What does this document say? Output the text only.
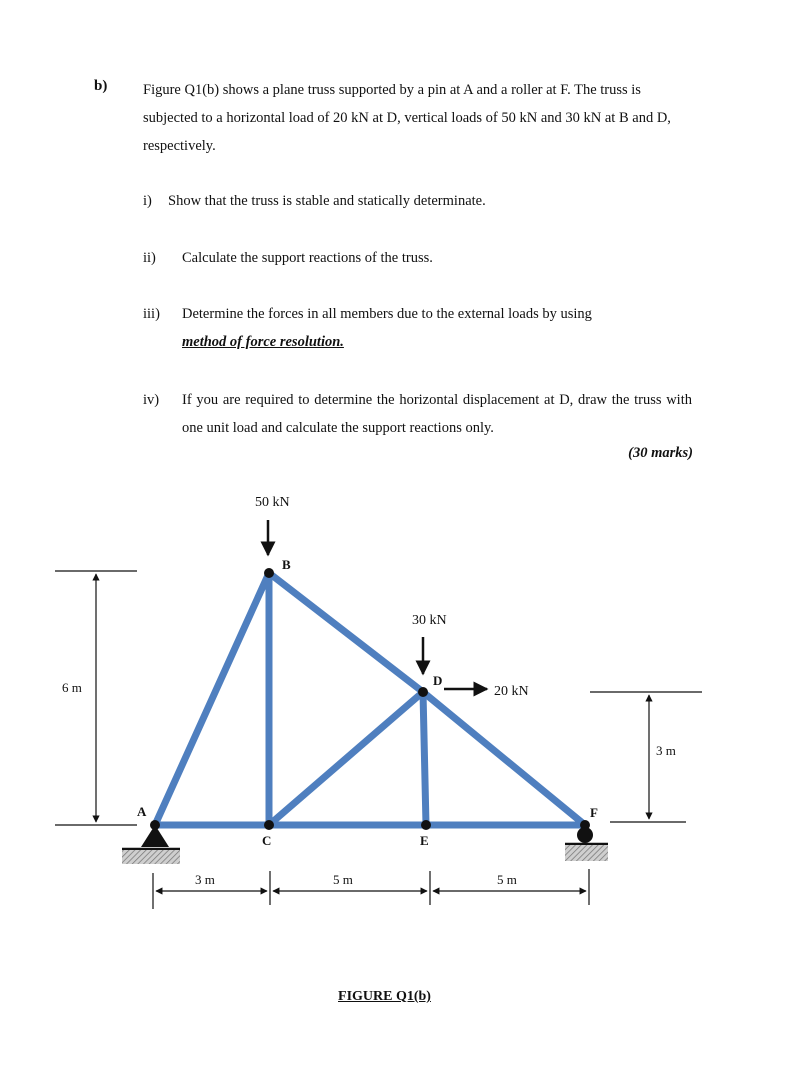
b) Figure Q1(b) shows a plane truss supported by a pin at A and a roller at F. The truss is subjected to a horizontal load of 20 kN at D, vertical loads of 50 kN and 30 kN at B and D, respectively.
i) Show that the truss is stable and statically determinate.
ii) Calculate the support reactions of the truss.
iii) Determine the forces in all members due to the external loads by using
method of force resolution.
iv) If you are required to determine the horizontal displacement at D, draw the truss with one unit load and calculate the support reactions only.
(30 marks)
A
B
C
D
E
F
50 kN
30 kN
20 kN
6 m
3 m
3 m	5 m	5 m
FIGURE Q1(b)
